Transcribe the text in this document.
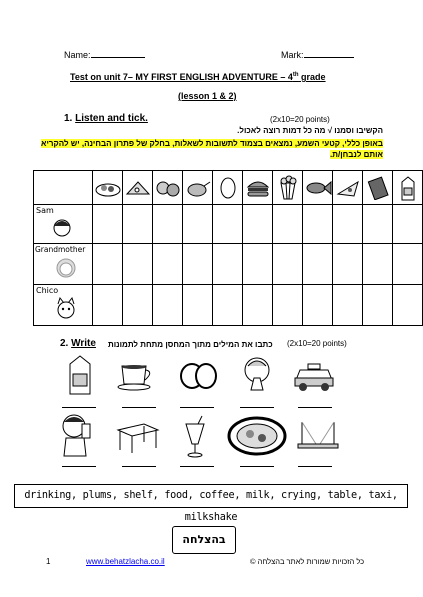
Name:	Mark:
Test on unit 7– MY FIRST ENGLISH ADVENTURE – 4th grade
(lesson 1 & 2)
1. Listen and tick.	(2x10=20 points)
הקשיבו וסמנו √ מה כל דמות רוצה לאכול.
באופן כללי, קטעי השמע, נמצאים בצמוד לתשובות לשאלות, בחלק של פתרון הבחינה, יש להקריא אותם לנבחן/ת.

Sam											

Grandmother											

Chico											

2. Write כתבו את המילים מתוך המחסן מתחת לתמונות (2x10=20 points)
drinking, plums, shelf, food, coffee, milk, crying, table, taxi, milkshake
בהצלחה
1	www.behatzlacha.co.il	כל הזכויות שמורות לאתר בהצלחה ©
